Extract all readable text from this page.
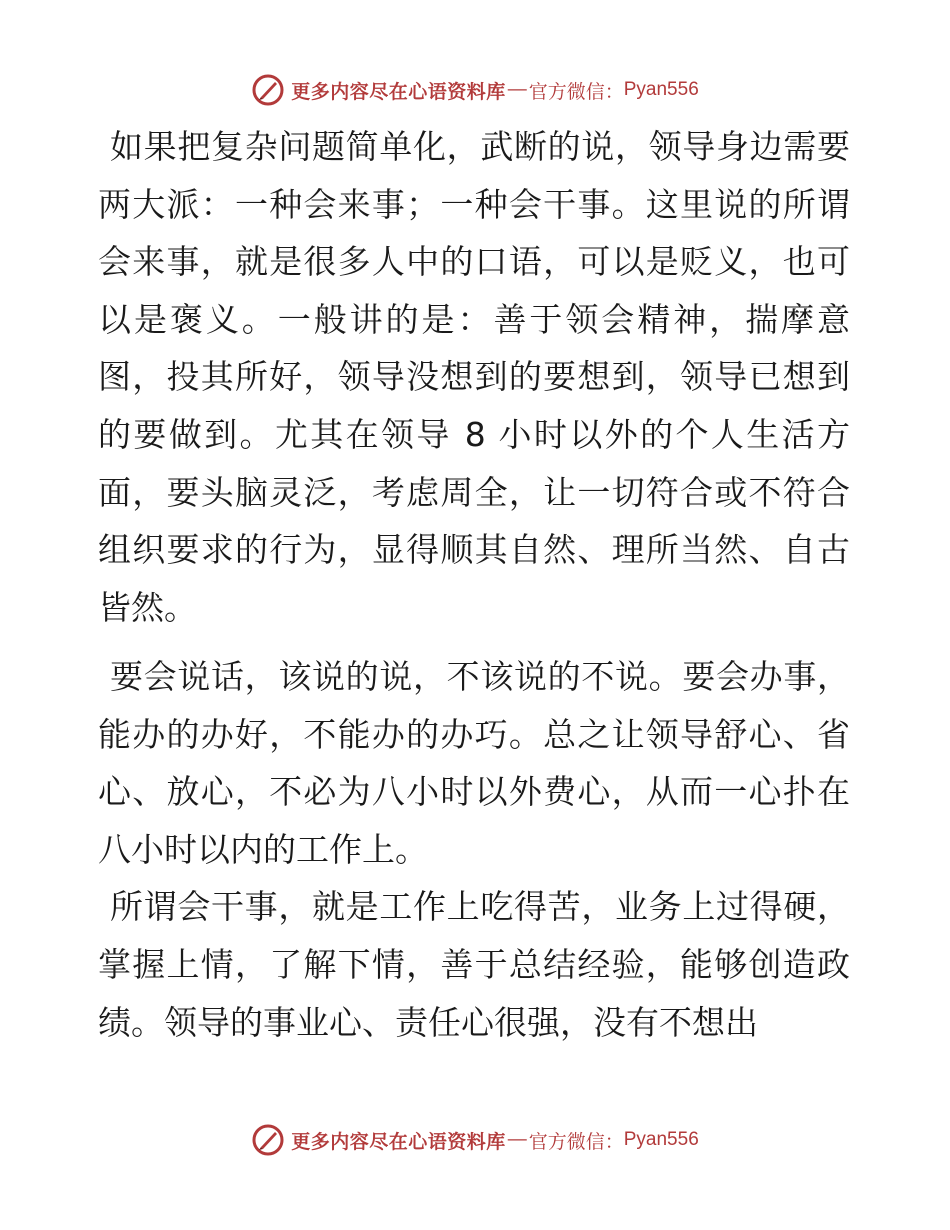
更多内容尽在心语资料库 — 官方微信： Pyan556

如果把复杂问题简单化，武断的说，领导身边需要两大派：一种会来事；一种会干事。这里说的所谓会来事，就是很多人中的口语，可以是贬义，也可以是褒义。一般讲的是：善于领会精神，揣摩意图，投其所好，领导没想到的要想到，领导已想到的要做到。尤其在领导 8 小时以外的个人生活方面，要头脑灵泛，考虑周全，让一切符合或不符合组织要求的行为，显得顺其自然、理所当然、自古皆然。

要会说话，该说的说，不该说的不说。要会办事，能办的办好，不能办的办巧。总之让领导舒心、省心、放心，不必为八小时以外费心，从而一心扑在八小时以内的工作上。

所谓会干事，就是工作上吃得苦，业务上过得硬，掌握上情，了解下情，善于总结经验，能够创造政绩。领导的事业心、责任心很强，没有不想出

更多内容尽在心语资料库 — 官方微信： Pyan556
